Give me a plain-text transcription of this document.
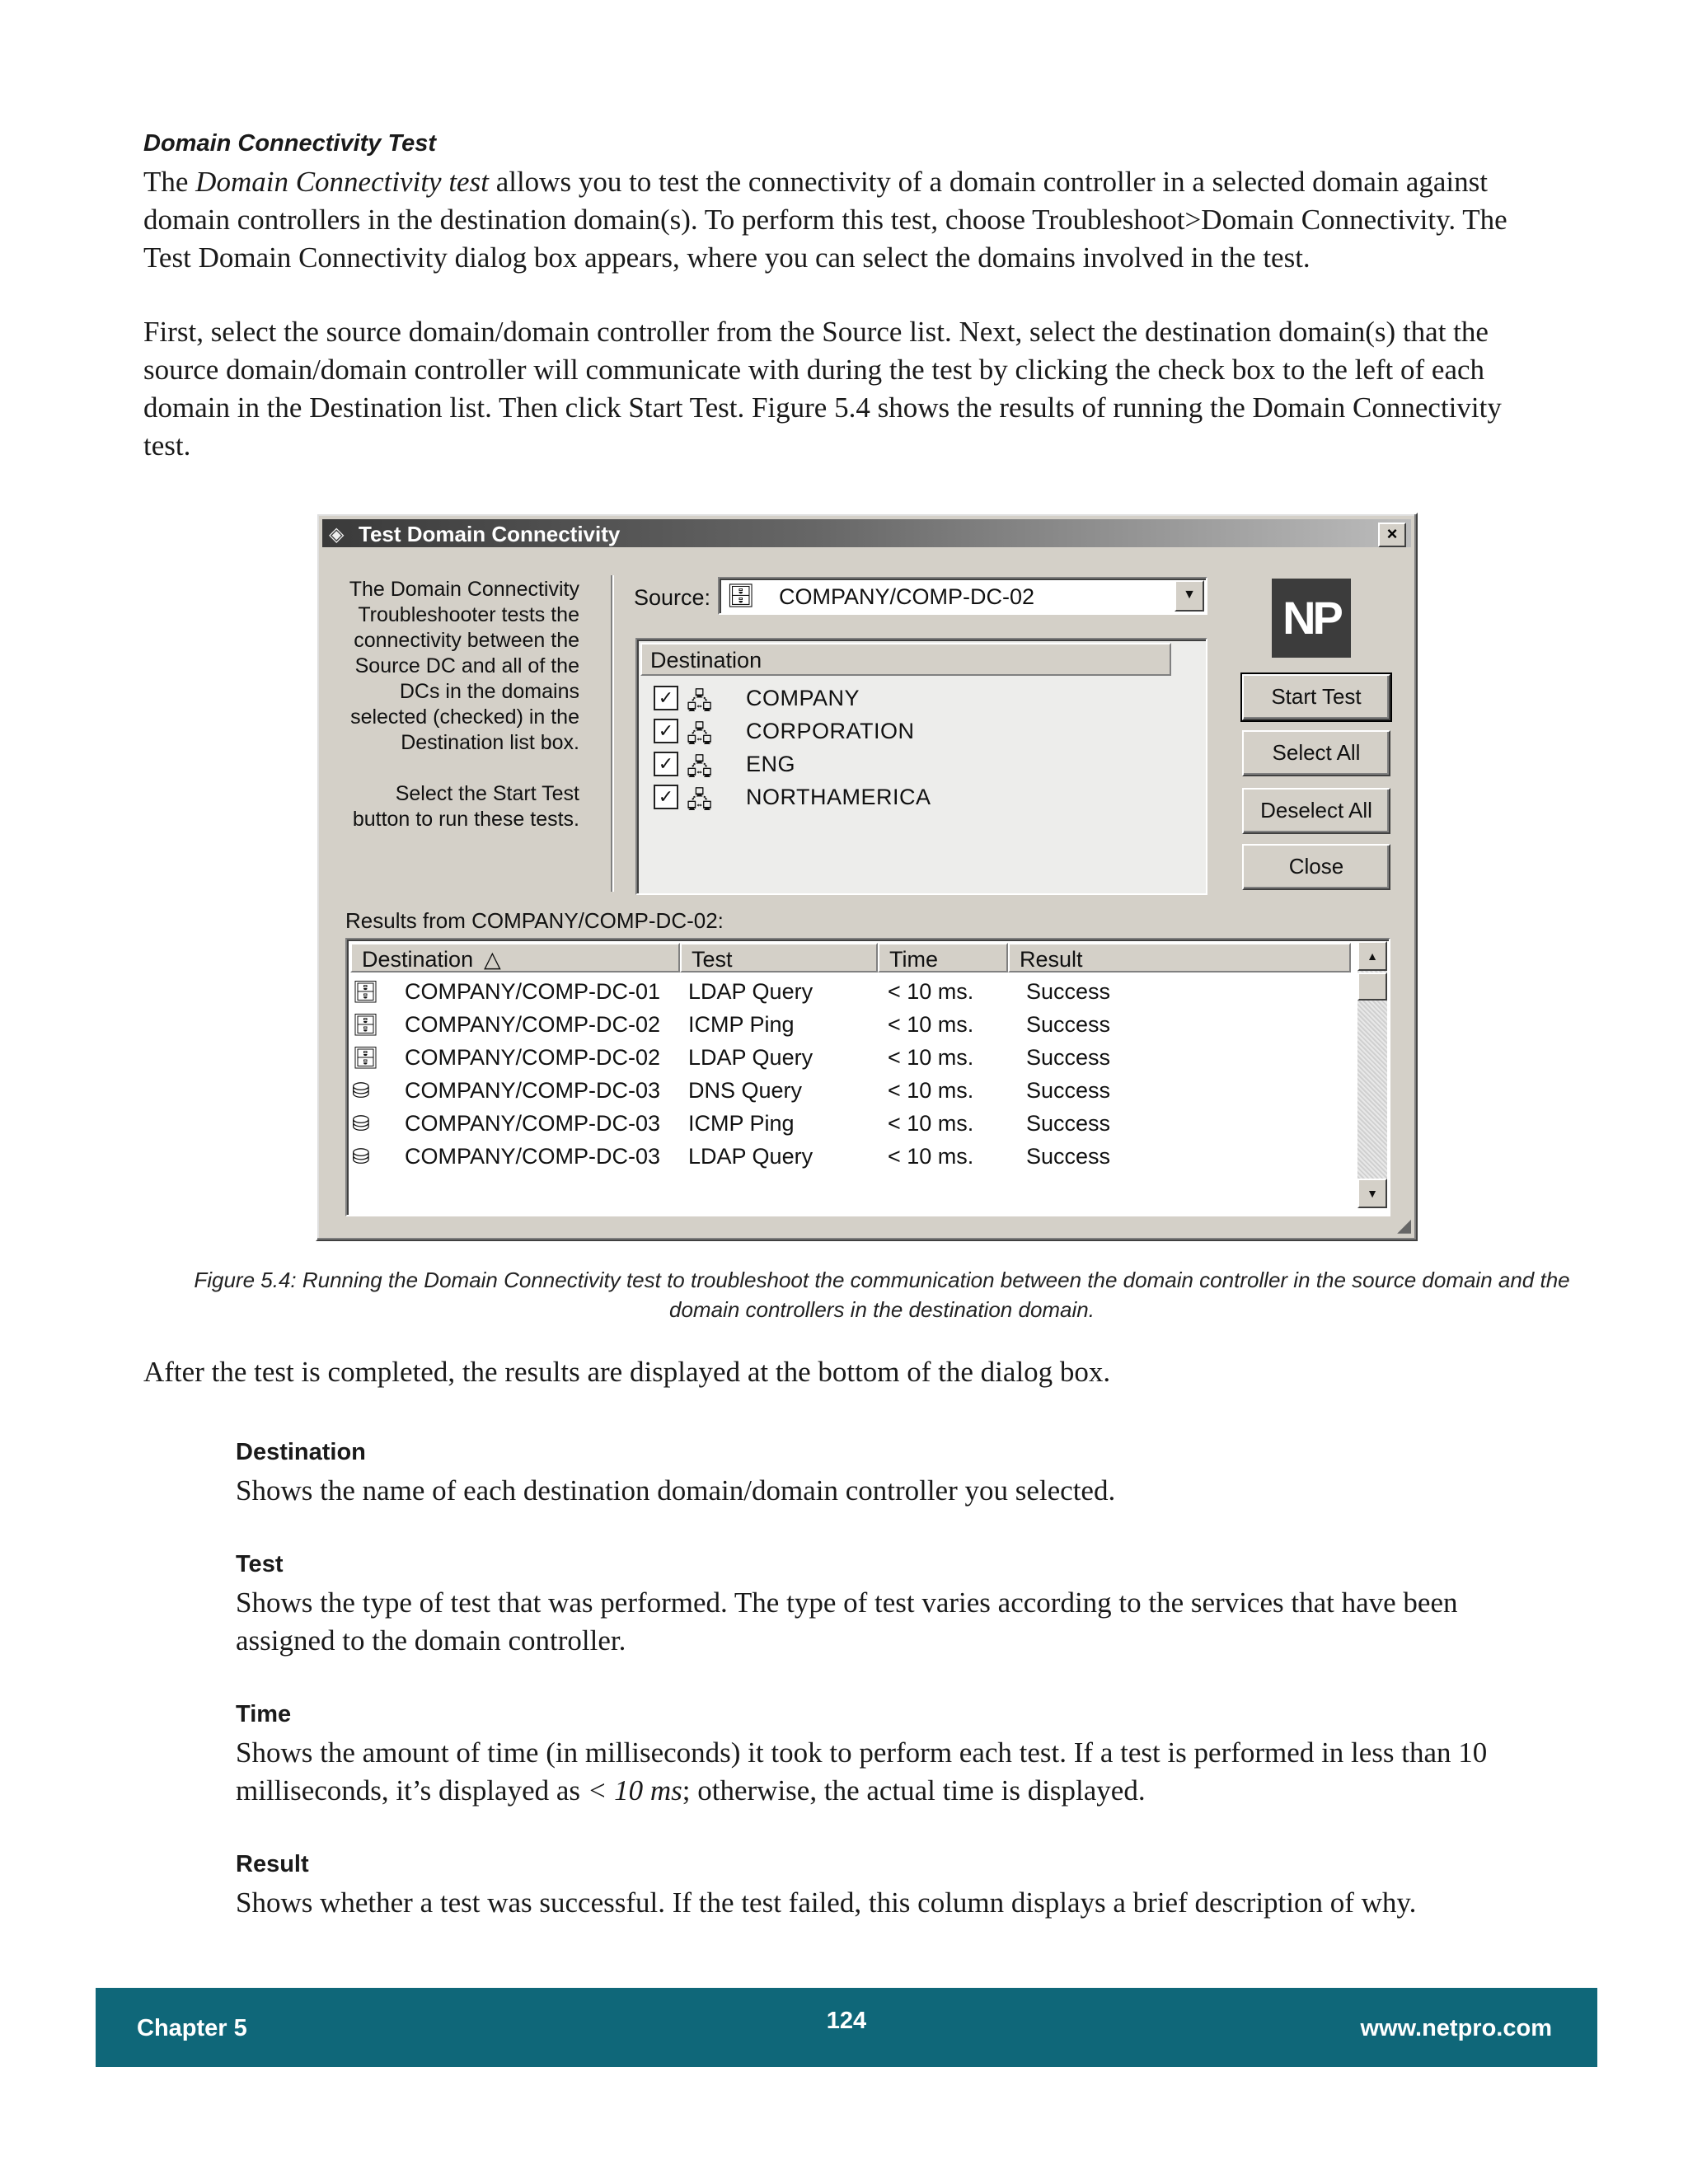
Domain Connectivity Test

The Domain Connectivity test allows you to test the connectivity of a domain controller in a selected domain against domain controllers in the destination domain(s). To perform this test, choose Troubleshoot>Domain Connectivity. The Test Domain Connectivity dialog box appears, where you can select the domains involved in the test.

First, select the source domain/domain controller from the Source list. Next, select the destination domain(s) that the source domain/domain controller will communicate with during the test by clicking the check box to the left of each domain in the Destination list. Then click Start Test. Figure 5.4 shows the results of running the Domain Connectivity test.

◈ Test Domain Connectivity	×

The Domain Connectivity Troubleshooter tests the connectivity between the Source DC and all of the DCs in the domains selected (checked) in the Destination list box.

Select the Start Test button to run these tests.

Source: 🗄 COMPANY/COMP-DC-02	▼
Destination
✓ 🖧 COMPANY
✓ 🖧 CORPORATION
✓ 🖧 ENG
✓ 🖧 NORTHAMERICA
NP
Start Test
Select All
Deselect All
Close
Results from COMPANY/COMP-DC-02:
Destination △	Test	Time	Result
🗄 COMPANY/COMP-DC-01 LDAP Query	< 10 ms. Success
🗄 COMPANY/COMP-DC-02 ICMP Ping	< 10 ms. Success
🗄 COMPANY/COMP-DC-02 LDAP Query	< 10 ms. Success
⛁ COMPANY/COMP-DC-03 DNS Query	< 10 ms. Success
⛁ COMPANY/COMP-DC-03 ICMP Ping	< 10 ms. Success
⛁ COMPANY/COMP-DC-03 LDAP Query	< 10 ms. Success
▲
▼
◢
Figure 5.4: Running the Domain Connectivity test to troubleshoot the communication between the domain controller in the source domain and the domain controllers in the destination domain.

After the test is completed, the results are displayed at the bottom of the dialog box.

Destination

Shows the name of each destination domain/domain controller you selected.

Test

Shows the type of test that was performed. The type of test varies according to the services that have been assigned to the domain controller.

Time

Shows the amount of time (in milliseconds) it took to perform each test. If a test is performed in less than 10 milliseconds, it’s displayed as < 10 ms; otherwise, the actual time is displayed.

Result

Shows whether a test was successful. If the test failed, this column displays a brief description of why.

Chapter 5	124	www.netpro.com
